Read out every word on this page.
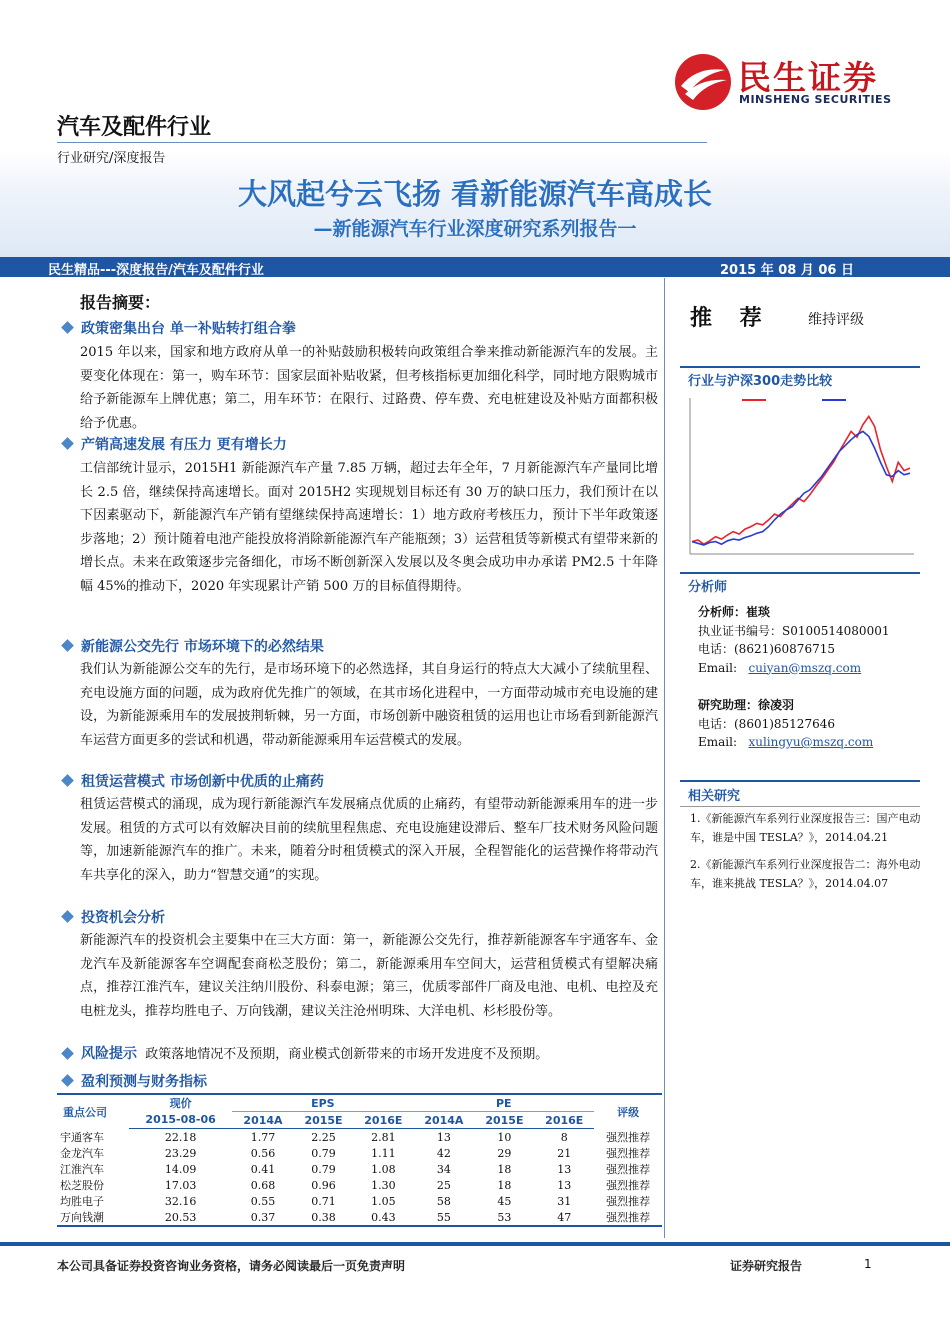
民生证券
MINSHENG SECURITIES
汽车及配件行业
行业研究/深度报告
大风起兮云飞扬 看新能源汽车高成长
—新能源汽车行业深度研究系列报告一
民生精品---深度报告/汽车及配件行业	2015 年 08 月 06 日
报告摘要：
政策密集出台 单一补贴转打组合拳
2015 年以来，国家和地方政府从单一的补贴鼓励积极转向政策组合拳来推动新能源汽车的发展。主要变化体现在：第一，购车环节：国家层面补贴收紧，但考核指标更加细化科学，同时地方限购城市给予新能源车上牌优惠；第二，用车环节：在限行、过路费、停车费、充电桩建设及补贴方面都积极给予优惠。
产销高速发展 有压力 更有增长力
工信部统计显示，2015H1 新能源汽车产量 7.85 万辆，超过去年全年，7 月新能源汽车产量同比增长 2.5 倍，继续保持高速增长。面对 2015H2 实现规划目标还有 30 万的缺口压力，我们预计在以下因素驱动下，新能源汽车产销有望继续保持高速增长：1）地方政府考核压力，预计下半年政策逐步落地；2）预计随着电池产能投放将消除新能源汽车产能瓶颈；3）运营租赁等新模式有望带来新的增长点。未来在政策逐步完备细化，市场不断创新深入发展以及冬奥会成功申办承诺 PM2.5 十年降幅 45%的推动下，2020 年实现累计产销 500 万的目标值得期待。
新能源公交先行 市场环境下的必然结果
我们认为新能源公交车的先行，是市场环境下的必然选择，其自身运行的特点大大减小了续航里程、充电设施方面的问题，成为政府优先推广的领域，在其市场化进程中，一方面带动城市充电设施的建设，为新能源乘用车的发展披荆斩棘，另一方面，市场创新中融资租赁的运用也让市场看到新能源汽车运营方面更多的尝试和机遇，带动新能源乘用车运营模式的发展。
租赁运营模式 市场创新中优质的止痛药
租赁运营模式的涌现，成为现行新能源汽车发展痛点优质的止痛药，有望带动新能源乘用车的进一步发展。租赁的方式可以有效解决目前的续航里程焦虑、充电设施建设滞后、整车厂技术财务风险问题等，加速新能源汽车的推广。未来，随着分时租赁模式的深入开展，全程智能化的运营操作将带动汽车共享化的深入，助力“智慧交通”的实现。
投资机会分析
新能源汽车的投资机会主要集中在三大方面：第一，新能源公交先行，推荐新能源客车宇通客车、金龙汽车及新能源客车空调配套商松芝股份；第二，新能源乘用车空间大，运营租赁模式有望解决痛点，推荐江淮汽车，建议关注纳川股份、科泰电源；第三，优质零部件厂商及电池、电机、电控及充电桩龙头，推荐均胜电子、万向钱潮，建议关注沧州明珠、大洋电机、杉杉股份等。
风险提示 政策落地情况不及预期，商业模式创新带来的市场开发进度不及预期。
盈利预测与财务指标
重点公司	现价	EPS			PE			评级
	2015-08-06	2014A	2015E	2016E	2014A	2015E	2016E	
宇通客车	22.18	1.77	2.25	2.81	13	10	8	强烈推荐
金龙汽车	23.29	0.56	0.79	1.11	42	29	21	强烈推荐
江淮汽车	14.09	0.41	0.79	1.08	34	18	13	强烈推荐
松芝股份	17.03	0.68	0.96	1.30	25	18	13	强烈推荐
均胜电子	32.16	0.55	0.71	1.05	58	45	31	强烈推荐
万向钱潮	20.53	0.37	0.38	0.43	55	53	47	强烈推荐
推 荐	维持评级
行业与沪深300走势比较
分析师
分析师：崔琰
执业证书编号：S0100514080001
电话：(8621)60876715
Email: cuiyan@mszq.com
研究助理：徐凌羽
电话：(8601)85127646
Email: xulingyu@mszq.com
相关研究
1.《新能源汽车系列行业深度报告三：国产电动车，谁是中国 TESLA？》，2014.04.21
2.《新能源汽车系列行业深度报告二：海外电动车，谁来挑战 TESLA？》，2014.04.07
本公司具备证券投资咨询业务资格，请务必阅读最后一页免责声明	证券研究报告	1
